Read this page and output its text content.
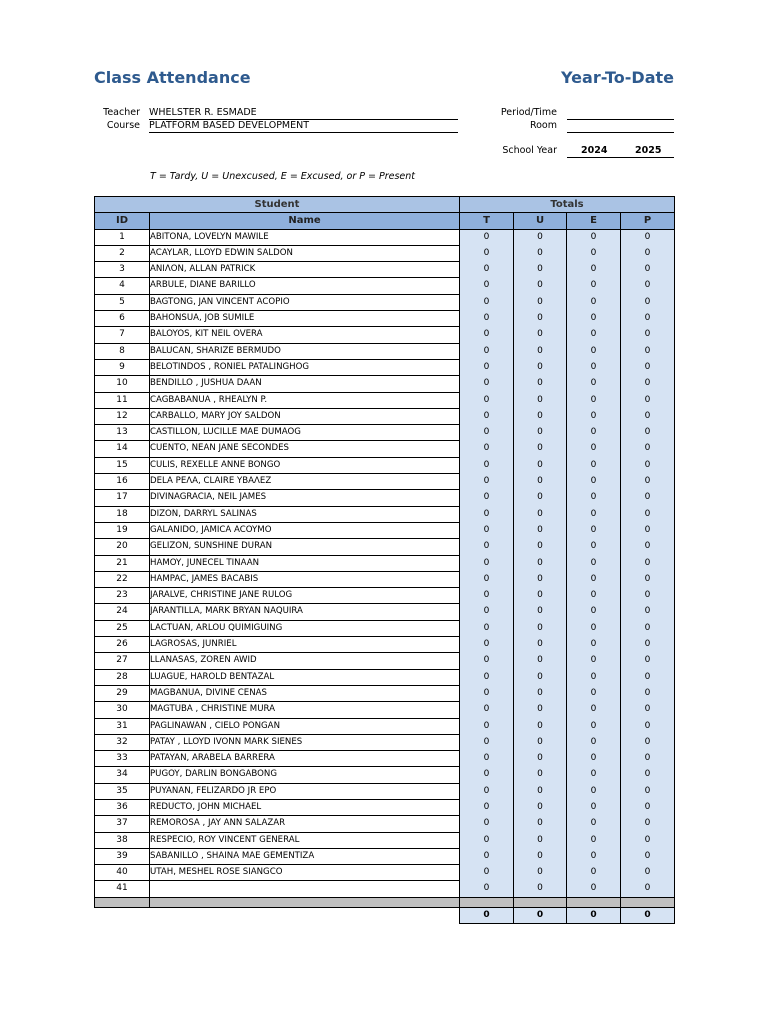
Class Attendance	Year-To-Date
Teacher WHELSTER R. ESMADE
Course PLATFORM BASED DEVELOPMENT
Period/Time
Room
School Year	2024	2025
T = Tardy, U = Unexcused, E = Excused, or P = Present
Student		Totals			
ID	Name	T	U	E	P
1	ABITONA, LOVELYN MAWILE	0	0	0	0
2	ACAYLAR, LLOYD EDWIN SALDON	0	0	0	0
3	ANIΛON, ALLAN PATRICK	0	0	0	0
4	ARBULE, DIANE BARILLO	0	0	0	0
5	BAGTONG, JAN VINCENT ACOPIO	0	0	0	0
6	BAHONSUA, JOB SUMILE	0	0	0	0
7	BALOYOS, KIT NEIL OVERA	0	0	0	0
8	BALUCAN, SHARIZE BERMUDO	0	0	0	0
9	BELOTINDOS , RONIEL PATALINGHOG	0	0	0	0
10	BENDILLO , JUSHUA DAAN	0	0	0	0
11	CAGBABANUA , RHEALYN P.	0	0	0	0
12	CARBALLO, MARY JOY SALDON	0	0	0	0
13	CASTILLON, LUCILLE MAE DUMAOG	0	0	0	0
14	CUENTO, NEAN JANE SECONDES	0	0	0	0
15	CULIS, REXELLE ANNE BONGO	0	0	0	0
16	DELA PEΛA, CLAIRE YBAΛEZ	0	0	0	0
17	DIVINAGRACIA, NEIL JAMES	0	0	0	0
18	DIZON, DARRYL SALINAS	0	0	0	0
19	GALANIDO, JAMICA ACOYMO	0	0	0	0
20	GELIZON, SUNSHINE DURAN	0	0	0	0
21	HAMOY, JUNECEL TINAAN	0	0	0	0
22	HAMPAC, JAMES BACABIS	0	0	0	0
23	JARALVE, CHRISTINE JANE RULOG	0	0	0	0
24	JARANTILLA, MARK BRYAN NAQUIRA	0	0	0	0
25	LACTUAN, ARLOU QUIMIGUING	0	0	0	0
26	LAGROSAS, JUNRIEL	0	0	0	0
27	LLANASAS, ZOREN AWID	0	0	0	0
28	LUAGUE, HAROLD BENTAZAL	0	0	0	0
29	MAGBANUA, DIVINE CENAS	0	0	0	0
30	MAGTUBA , CHRISTINE MURA	0	0	0	0
31	PAGLINAWAN , CIELO PONGAN	0	0	0	0
32	PATAY , LLOYD IVONN MARK SIENES	0	0	0	0
33	PATAYAN, ARABELA BARRERA	0	0	0	0
34	PUGOY, DARLIN BONGABONG	0	0	0	0
35	PUYANAN, FELIZARDO JR EPO	0	0	0	0
36	REDUCTO, JOHN MICHAEL	0	0	0	0
37	REMOROSA , JAY ANN SALAZAR	0	0	0	0
38	RESPECIO, ROY VINCENT GENERAL	0	0	0	0
39	SABANILLO , SHAINA MAE GEMENTIZA	0	0	0	0
40	UTAH, MESHEL ROSE SIANGCO	0	0	0	0
41		0	0	0	0

		0	0	0	0
